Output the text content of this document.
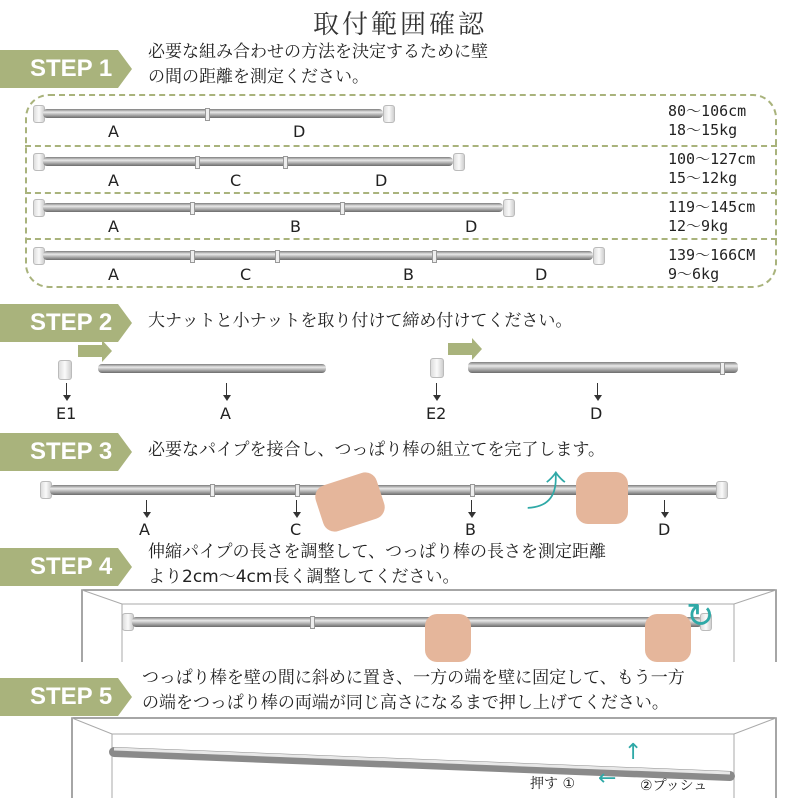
取付範囲確認
STEP 1
必要な組み合わせの方法を決定するために壁
の間の距離を測定ください。
A	D
80〜106cm
18〜15kg
A	C	D
100〜127cm
15〜12kg
A	B	D
119〜145cm
12〜9kg
A	C	B	D
139〜166CM
9〜6kg
STEP 2	大ナットと小ナットを取り付けて締め付けてください。
E1	A	E2	D
STEP 3	必要なパイプを接合し、つっぱり棒の組立てを完了します。
⤴
A	C	B	D
STEP 4
伸縮パイプの長さを調整して、つっぱり棒の長さを測定距離
より2cm〜4cm長く調整してください。
↻
STEP 5
つっぱり棒を壁の間に斜めに置き、一方の端を壁に固定して、もう一方
の端をつっぱり棒の両端が同じ高さになるまで押し上げてください。
↑
←
押す ①	②プッシュ
